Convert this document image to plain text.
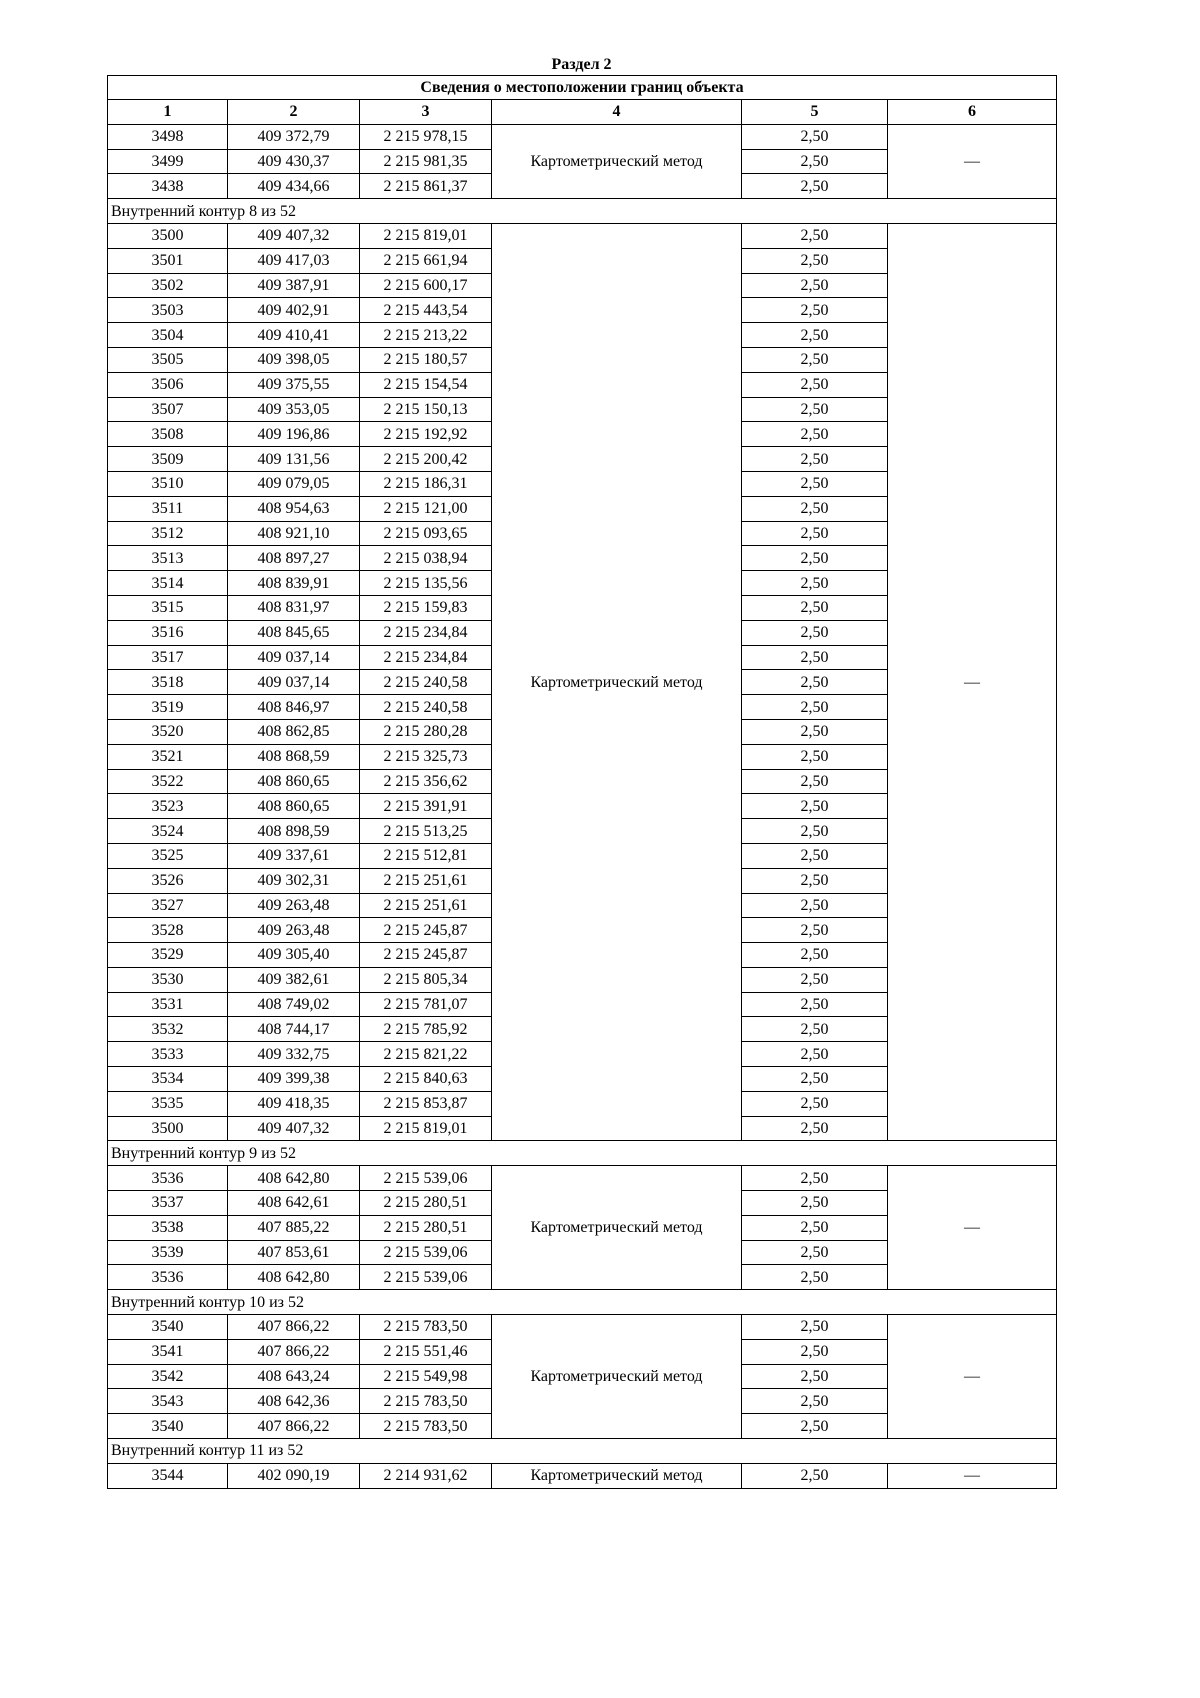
Раздел 2
Сведения о местоположении границ объекта					
1	2	3	4	5	6
3498	409 372,79	2 215 978,15	Картометрический метод	2,50	—
3499	409 430,37	2 215 981,35		2,50	
3438	409 434,66	2 215 861,37		2,50	
Внутренний контур 8 из 52					
3500	409 407,32	2 215 819,01	Картометрический метод	2,50	—
3501	409 417,03	2 215 661,94		2,50	
3502	409 387,91	2 215 600,17		2,50	
3503	409 402,91	2 215 443,54		2,50	
3504	409 410,41	2 215 213,22		2,50	
3505	409 398,05	2 215 180,57		2,50	
3506	409 375,55	2 215 154,54		2,50	
3507	409 353,05	2 215 150,13		2,50	
3508	409 196,86	2 215 192,92		2,50	
3509	409 131,56	2 215 200,42		2,50	
3510	409 079,05	2 215 186,31		2,50	
3511	408 954,63	2 215 121,00		2,50	
3512	408 921,10	2 215 093,65		2,50	
3513	408 897,27	2 215 038,94		2,50	
3514	408 839,91	2 215 135,56		2,50	
3515	408 831,97	2 215 159,83		2,50	
3516	408 845,65	2 215 234,84		2,50	
3517	409 037,14	2 215 234,84		2,50	
3518	409 037,14	2 215 240,58		2,50	
3519	408 846,97	2 215 240,58		2,50	
3520	408 862,85	2 215 280,28		2,50	
3521	408 868,59	2 215 325,73		2,50	
3522	408 860,65	2 215 356,62		2,50	
3523	408 860,65	2 215 391,91		2,50	
3524	408 898,59	2 215 513,25		2,50	
3525	409 337,61	2 215 512,81		2,50	
3526	409 302,31	2 215 251,61		2,50	
3527	409 263,48	2 215 251,61		2,50	
3528	409 263,48	2 215 245,87		2,50	
3529	409 305,40	2 215 245,87		2,50	
3530	409 382,61	2 215 805,34		2,50	
3531	408 749,02	2 215 781,07		2,50	
3532	408 744,17	2 215 785,92		2,50	
3533	409 332,75	2 215 821,22		2,50	
3534	409 399,38	2 215 840,63		2,50	
3535	409 418,35	2 215 853,87		2,50	
3500	409 407,32	2 215 819,01		2,50	
Внутренний контур 9 из 52					
3536	408 642,80	2 215 539,06	Картометрический метод	2,50	—
3537	408 642,61	2 215 280,51		2,50	
3538	407 885,22	2 215 280,51		2,50	
3539	407 853,61	2 215 539,06		2,50	
3536	408 642,80	2 215 539,06		2,50	
Внутренний контур 10 из 52					
3540	407 866,22	2 215 783,50	Картометрический метод	2,50	—
3541	407 866,22	2 215 551,46		2,50	
3542	408 643,24	2 215 549,98		2,50	
3543	408 642,36	2 215 783,50		2,50	
3540	407 866,22	2 215 783,50		2,50	
Внутренний контур 11 из 52					
3544	402 090,19	2 214 931,62	Картометрический метод	2,50	—
